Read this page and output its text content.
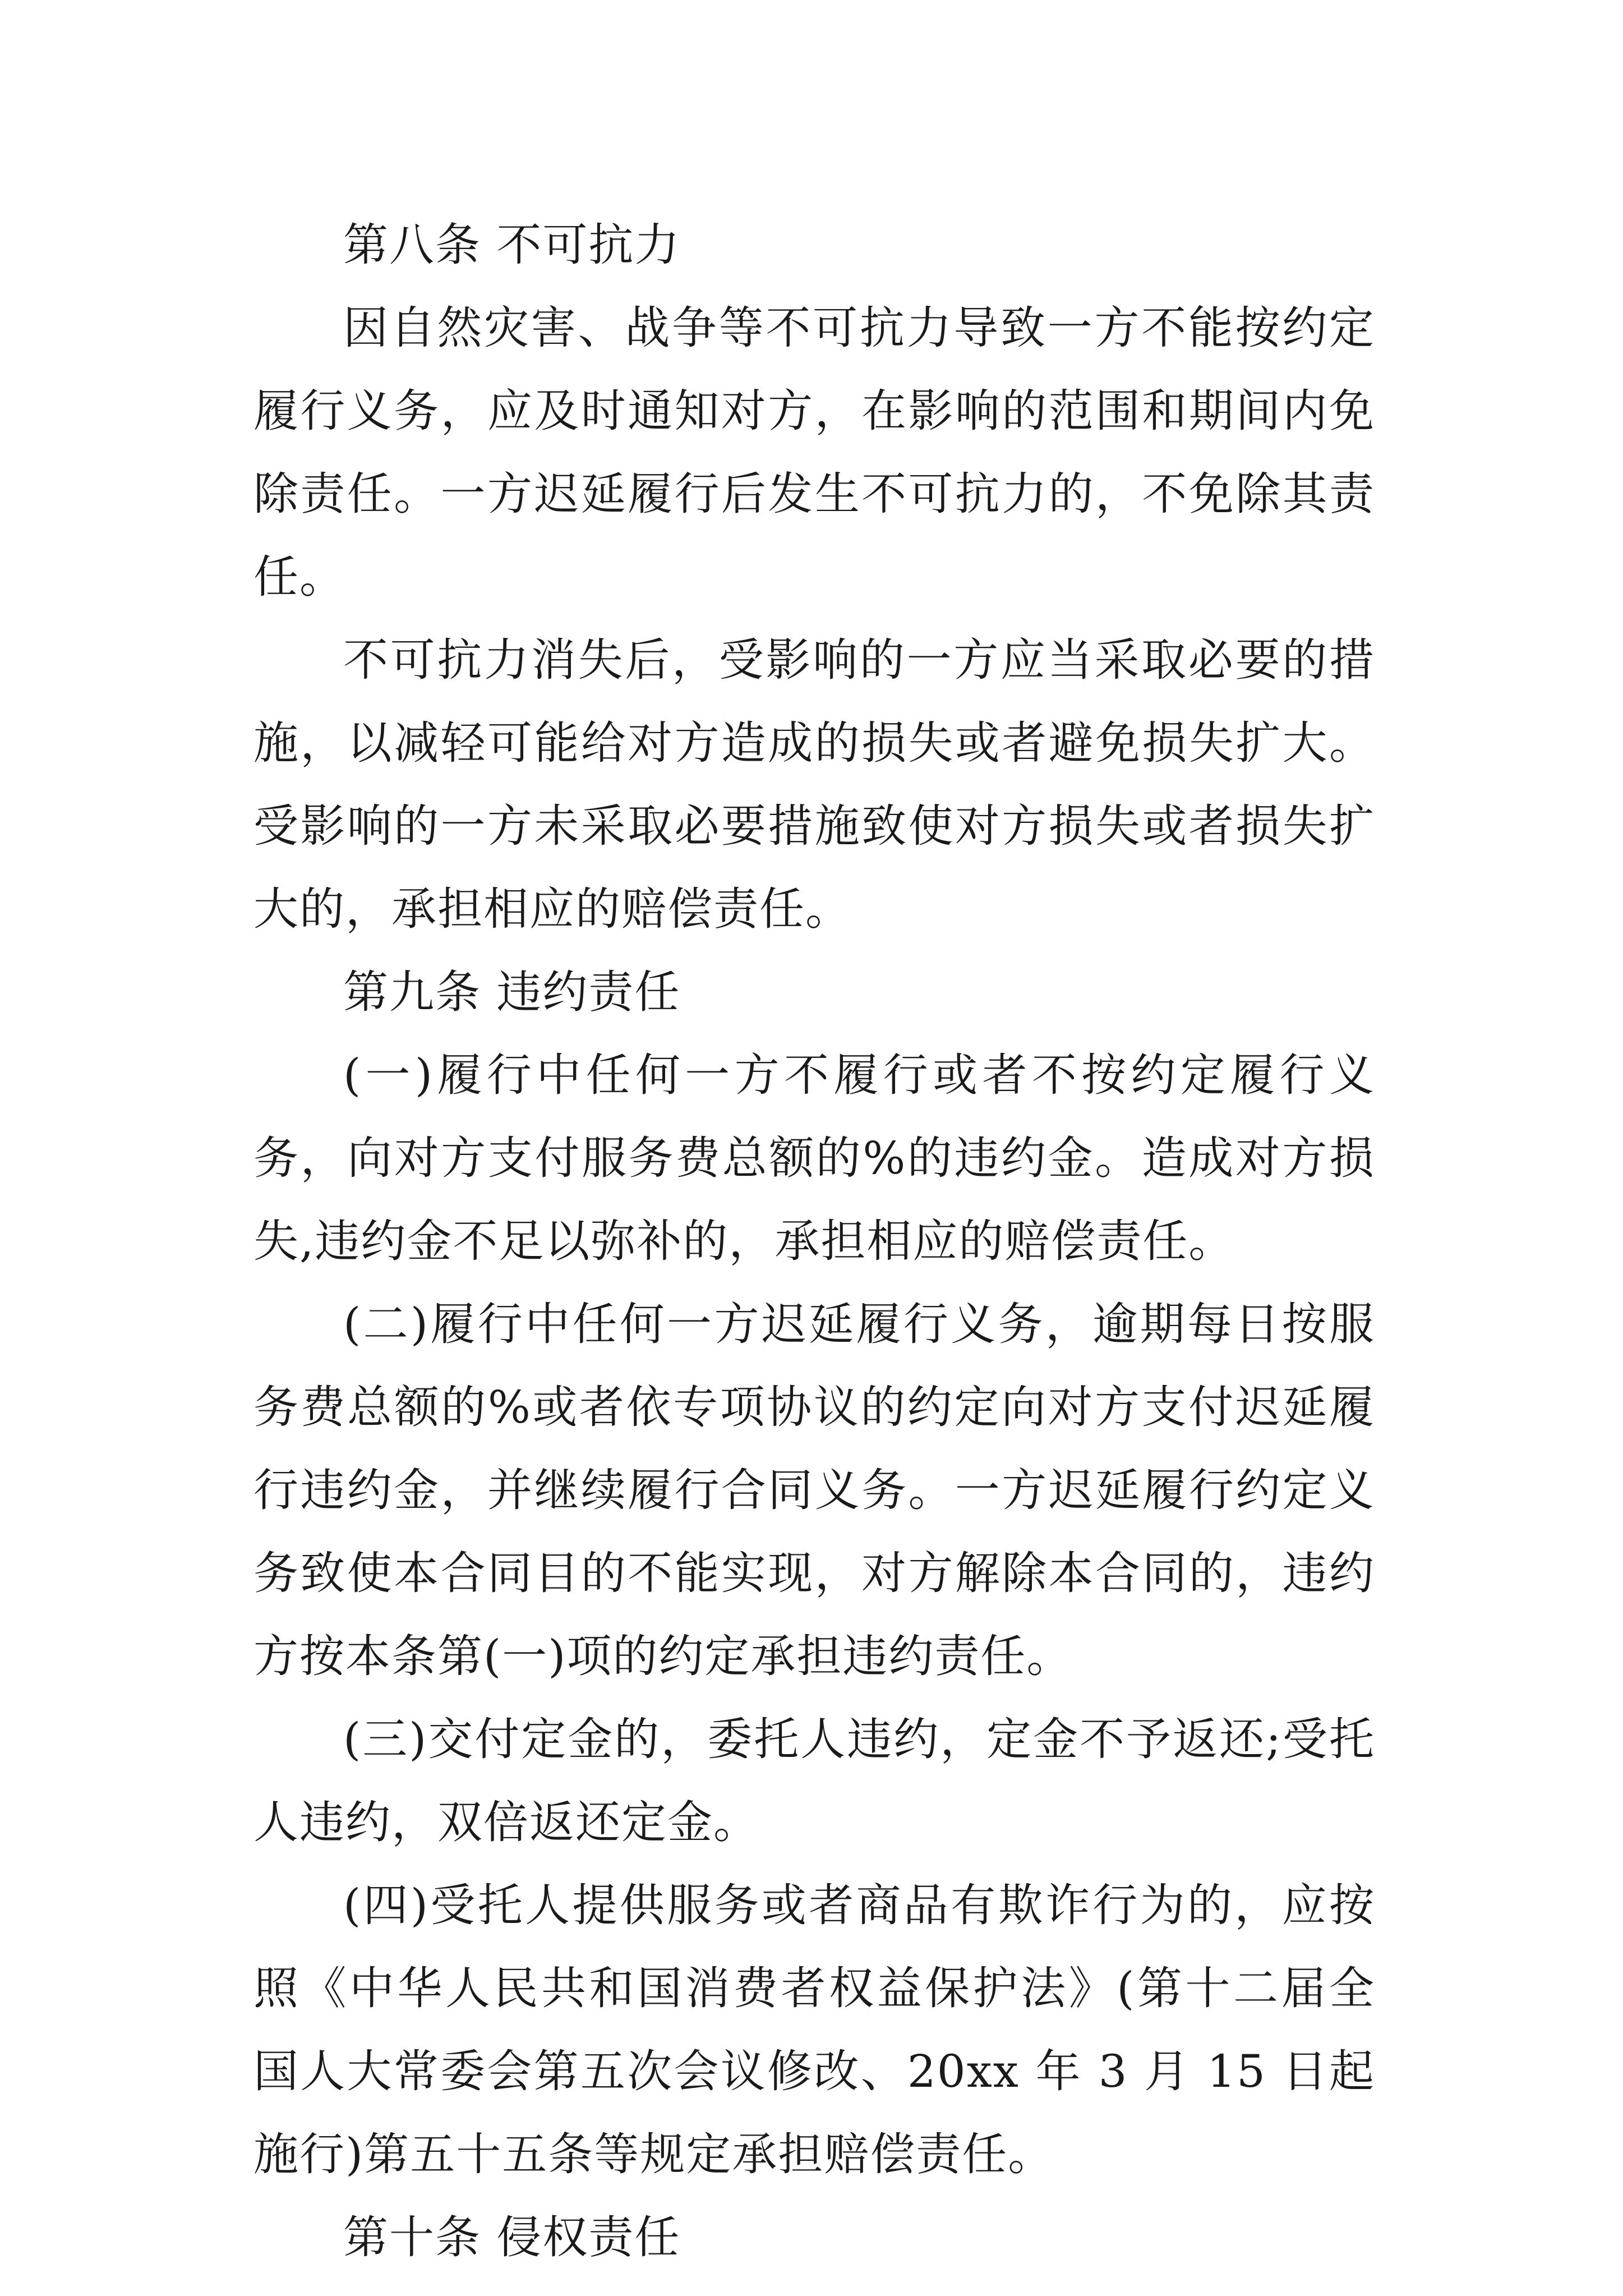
第八条 不可抗力

因自然灾害、战争等不可抗力导致一方不能按约定履行义务，应及时通知对方，在影响的范围和期间内免除责任。一方迟延履行后发生不可抗力的，不免除其责任。

不可抗力消失后，受影响的一方应当采取必要的措施，以减轻可能给对方造成的损失或者避免损失扩大。受影响的一方未采取必要措施致使对方损失或者损失扩大的，承担相应的赔偿责任。

第九条 违约责任

(一)履行中任何一方不履行或者不按约定履行义务，向对方支付服务费总额的%的违约金。造成对方损失,违约金不足以弥补的，承担相应的赔偿责任。

(二)履行中任何一方迟延履行义务，逾期每日按服务费总额的%或者依专项协议的约定向对方支付迟延履行违约金，并继续履行合同义务。一方迟延履行约定义务致使本合同目的不能实现，对方解除本合同的，违约方按本条第(一)项的约定承担违约责任。

(三)交付定金的，委托人违约，定金不予返还;受托人违约，双倍返还定金。

(四)受托人提供服务或者商品有欺诈行为的，应按照《中华人民共和国消费者权益保护法》(第十二届全国人大常委会第五次会议修改、20xx 年 3 月 15 日起施行)第五十五条等规定承担赔偿责任。

第十条 侵权责任
